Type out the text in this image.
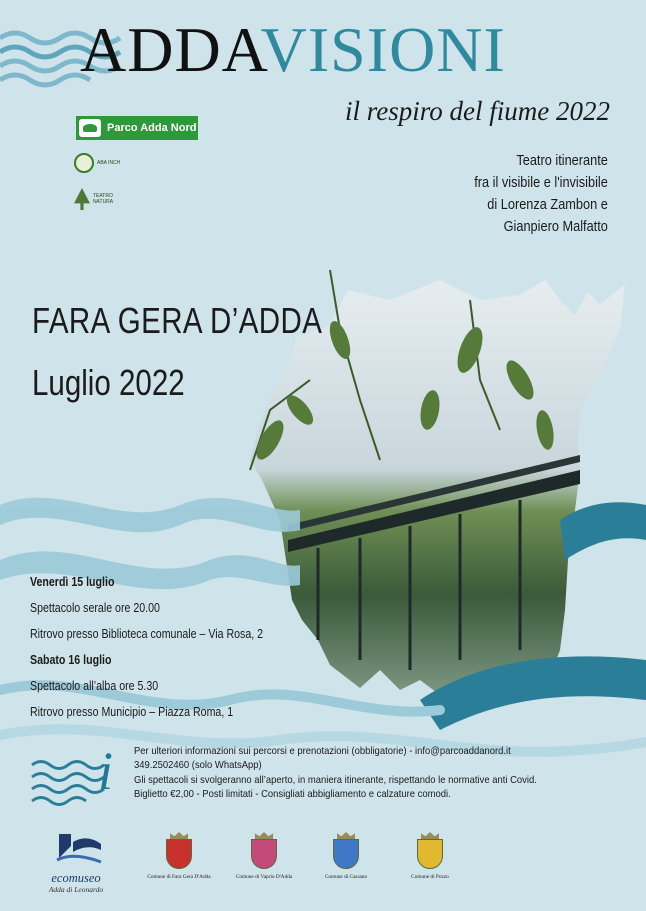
ADDAVISIONI
il respiro del fiume 2022
Parco Adda Nord
ABA INCH
TEATRO NATURA
Teatro itinerante
fra il visibile e l'invisibile
di Lorenza Zambon e
Gianpiero Malfatto
FARA GERA D’ADDA
Luglio 2022
Venerdì 15 luglio
Spettacolo serale ore 20.00
Ritrovo presso Biblioteca comunale – Via Rosa, 2
Sabato 16 luglio
Spettacolo all’alba ore 5.30
Ritrovo presso Municipio – Piazza Roma, 1
i Per ulteriori informazioni sui percorsi e prenotazioni (obbligatorie) - info@parcoaddanord.it
349.2502460 (solo WhatsApp)
Gli spettacoli si svolgeranno all’aperto, in maniera itinerante, rispettando le normative anti Covid.
Biglietto €2,00 - Posti limitati - Consigliati abbigliamento e calzature comodi.
ecomuseo
Adda di Leonardo
Comune di Fara Gera D'Adda	Comune di Vaprio D'Adda	Comune di Cassano	Comune di Pozzo
